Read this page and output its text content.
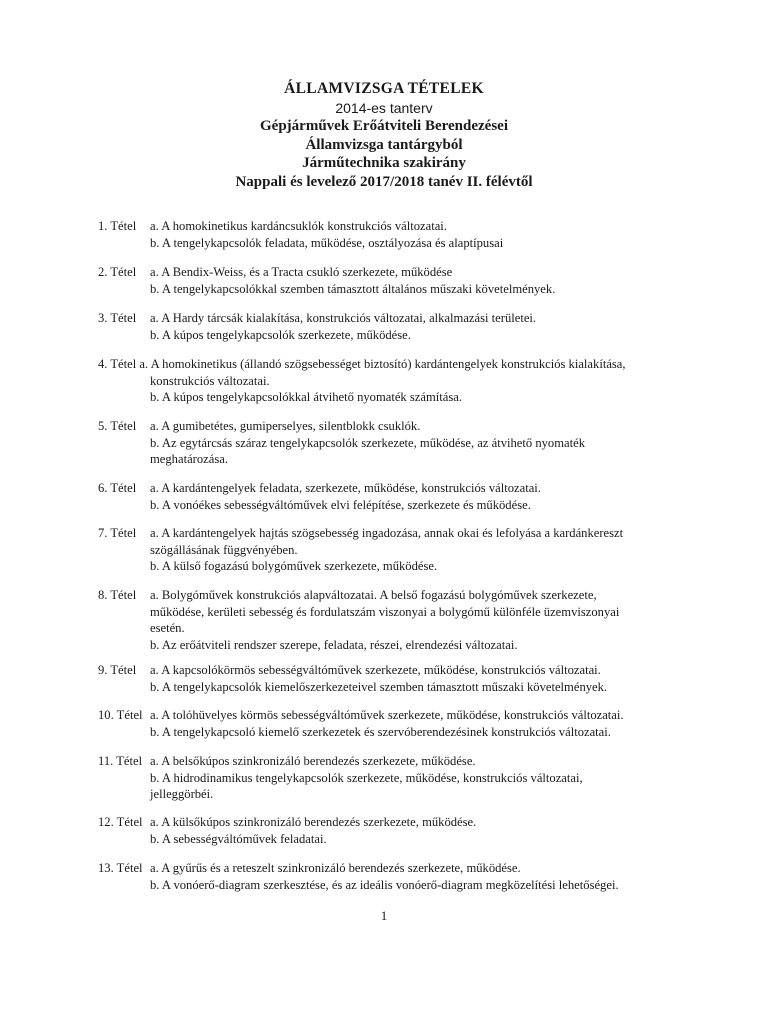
ÁLLAMVIZSGA TÉTELEK
2014-es tanterv
Gépjárművek Erőátviteli Berendezései
Államvizsga tantárgyból
Járműtechnika szakirány
Nappali és levelező 2017/2018 tanév II. félévtől
1. Tétel a. A homokinetikus kardáncsuklók konstrukciós változatai.
b. A tengelykapcsolók feladata, működése, osztályozása és alaptípusai
2. Tétel a. A Bendix-Weiss, és a Tracta csukló szerkezete, működése
b. A tengelykapcsolókkal szemben támasztott általános műszaki követelmények.
3. Tétel a. A Hardy tárcsák kialakítása, konstrukciós változatai, alkalmazási területei.
b. A kúpos tengelykapcsolók szerkezete, működése.
4. Tétel a. A homokinetikus (állandó szögsebességet biztosító) kardántengelyek konstrukciós kialakítása,
konstrukciós változatai.
b. A kúpos tengelykapcsolókkal átvihető nyomaték számítása.
5. Tétel a. A gumibetétes, gumiperselyes, silentblokk csuklók.
b. Az egytárcsás száraz tengelykapcsolók szerkezete, működése, az átvihető nyomaték
meghatározása.
6. Tétel a. A kardántengelyek feladata, szerkezete, működése, konstrukciós változatai.
b. A vonóékes sebességváltóművek elvi felépítése, szerkezete és működése.
7. Tétel a. A kardántengelyek hajtás szögsebesség ingadozása, annak okai és lefolyása a kardánkereszt
szögállásának függvényében.
b. A külső fogazású bolygóművek szerkezete, működése.
8. Tétel a. Bolygóművek konstrukciós alapváltozatai. A belső fogazású bolygóművek szerkezete,
működése, kerületi sebesség és fordulatszám viszonyai a bolygómű különféle üzemviszonyai
esetén.
b. Az erőátviteli rendszer szerepe, feladata, részei, elrendezési változatai.
9. Tétel a. A kapcsolókörmös sebességváltóművek szerkezete, működése, konstrukciós változatai.
b. A tengelykapcsolók kiemelőszerkezeteivel szemben támasztott műszaki követelmények.
10. Tétel a. A tolóhüvelyes körmös sebességváltóművek szerkezete, működése, konstrukciós változatai.
b. A tengelykapcsoló kiemelő szerkezetek és szervóberendezésinek konstrukciós változatai.
11. Tétel a. A belsőkúpos szinkronizáló berendezés szerkezete, működése.
b. A hidrodinamikus tengelykapcsolók szerkezete, működése, konstrukciós változatai,
jelleggörbéi.
12. Tétel a. A külsőkúpos szinkronizáló berendezés szerkezete, működése.
b. A sebességváltóművek feladatai.
13. Tétel a. A gyűrűs és a reteszelt szinkronizáló berendezés szerkezete, működése.
b. A vonóerő-diagram szerkesztése, és az ideális vonóerő-diagram megközelítési lehetőségei.
1
